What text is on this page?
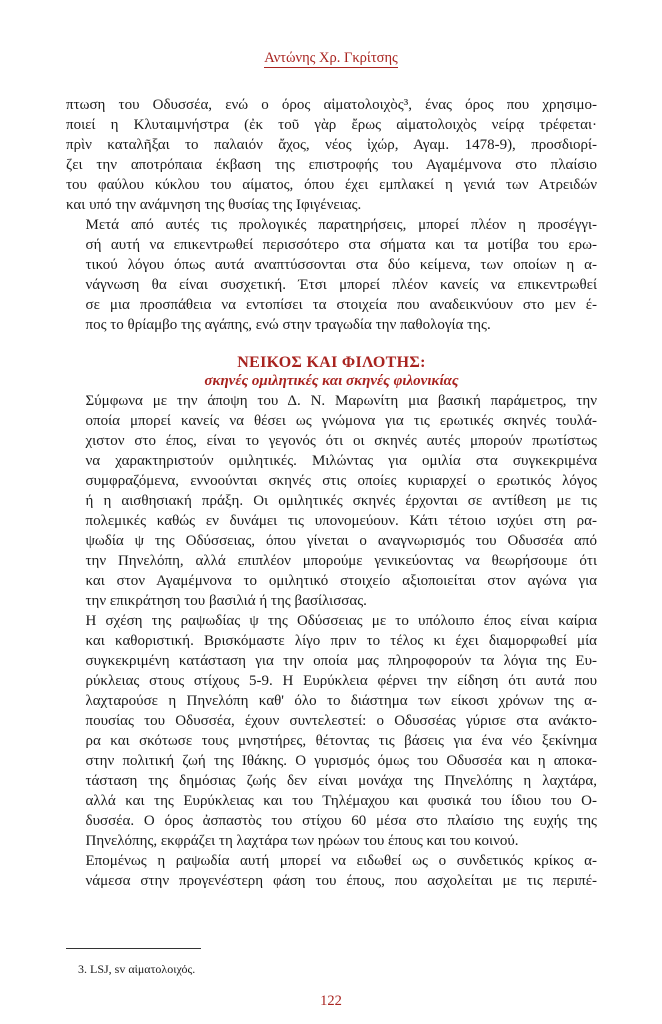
Αντώνης Χρ. Γκρίτσης

πτωση του Οδυσσέα, ενώ ο όρος αἱματολοιχὸς³, ένας όρος που χρησιμο-
ποιεί η Κλυταιμνήστρα (ἐκ τοῦ γὰρ ἔρως αἱματολοιχὸς νείρᾳ τρέφεται·
πρὶν καταλῆξαι το παλαιόν ἄχος, νέος ἰχώρ, Αγαμ. 1478-9), προσδιορί-
ζει την αποτρόπαια έκβαση της επιστροφής του Αγαμέμνονα στο πλαίσιο
του φαύλου κύκλου του αίματος, όπου έχει εμπλακεί η γενιά των Ατρειδών
και υπό την ανάμνηση της θυσίας της Ιφιγένειας.

Μετά από αυτές τις προλογικές παρατηρήσεις, μπορεί πλέον η προσέγγι-
σή αυτή να επικεντρωθεί περισσότερο στα σήματα και τα μοτίβα του ερω-
τικού λόγου όπως αυτά αναπτύσσονται στα δύο κείμενα, των οποίων η α-
νάγνωση θα είναι συσχετική. Έτσι μπορεί πλέον κανείς να επικεντρωθεί
σε μια προσπάθεια να εντοπίσει τα στοιχεία που αναδεικνύουν στο μεν έ-
πος το θρίαμβο της αγάπης, ενώ στην τραγωδία την παθολογία της.

ΝΕΙΚΟΣ ΚΑΙ ΦΙΛΟΤΗΣ:
σκηνές ομιλητικές και σκηνές φιλονικίας

Σύμφωνα με την άποψη του Δ. Ν. Μαρωνίτη μια βασική παράμετρος, την
οποία μπορεί κανείς να θέσει ως γνώμονα για τις ερωτικές σκηνές τουλά-
χιστον στο έπος, είναι το γεγονός ότι οι σκηνές αυτές μπορούν πρωτίστως
να χαρακτηριστούν ομιλητικές. Μιλώντας για ομιλία στα συγκεκριμένα
συμφραζόμενα, εννοούνται σκηνές στις οποίες κυριαρχεί ο ερωτικός λόγος
ή η αισθησιακή πράξη. Οι ομιλητικές σκηνές έρχονται σε αντίθεση με τις
πολεμικές καθώς εν δυνάμει τις υπονομεύουν. Κάτι τέτοιο ισχύει στη ρα-
ψωδία ψ της Οδύσσειας, όπου γίνεται ο αναγνωρισμός του Οδυσσέα από
την Πηνελόπη, αλλά επιπλέον μπορούμε γενικεύοντας να θεωρήσουμε ότι
και στον Αγαμέμνονα το ομιλητικό στοιχείο αξιοποιείται στον αγώνα για
την επικράτηση του βασιλιά ή της βασίλισσας.

Η σχέση της ραψωδίας ψ της Οδύσσειας με το υπόλοιπο έπος είναι καίρια
και καθοριστική. Βρισκόμαστε λίγο πριν το τέλος κι έχει διαμορφωθεί μία
συγκεκριμένη κατάσταση για την οποία μας πληροφορούν τα λόγια της Ευ-
ρύκλειας στους στίχους 5-9. Η Ευρύκλεια φέρνει την είδηση ότι αυτά που
λαχταρούσε η Πηνελόπη καθ' όλο το διάστημα των είκοσι χρόνων της α-
πουσίας του Οδυσσέα, έχουν συντελεστεί: ο Οδυσσέας γύρισε στα ανάκτο-
ρα και σκότωσε τους μνηστήρες, θέτοντας τις βάσεις για ένα νέο ξεκίνημα
στην πολιτική ζωή της Ιθάκης. Ο γυρισμός όμως του Οδυσσέα και η αποκα-
τάσταση της δημόσιας ζωής δεν είναι μονάχα της Πηνελόπης η λαχτάρα,
αλλά και της Ευρύκλειας και του Τηλέμαχου και φυσικά του ίδιου του Ο-
δυσσέα. Ο όρος ἀσπαστὸς του στίχου 60 μέσα στο πλαίσιο της ευχής της
Πηνελόπης, εκφράζει τη λαχτάρα των ηρώων του έπους και του κοινού.

Επομένως η ραψωδία αυτή μπορεί να ειδωθεί ως ο συνδετικός κρίκος α-
νάμεσα στην προγενέστερη φάση του έπους, που ασχολείται με τις περιπέ-

3. LSJ, sv αἱματολοιχός.
122
